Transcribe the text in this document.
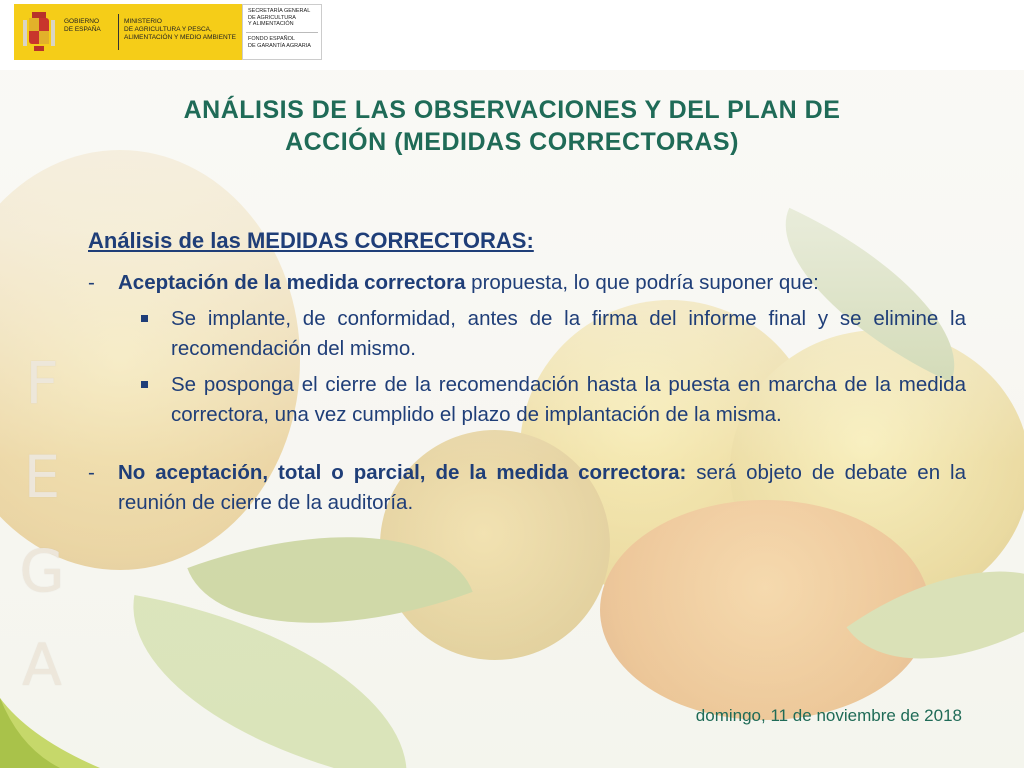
GOBIERNO
DE ESPAÑA
MINISTERIO
DE AGRICULTURA Y PESCA,
ALIMENTACIÓN Y MEDIO AMBIENTE
SECRETARÍA GENERAL
DE AGRICULTURA
Y ALIMENTACIÓN
FONDO ESPAÑOL
DE GARANTÍA AGRARIA
ANÁLISIS DE LAS OBSERVACIONES Y DEL PLAN DE
ACCIÓN (MEDIDAS CORRECTORAS)
F
E
G
A
Análisis de las MEDIDAS CORRECTORAS:

- Aceptación de la medida correctora propuesta, lo que podría suponer que:

Se implante, de conformidad, antes de la firma del informe final y se elimine la recomendación del mismo.
Se posponga el cierre de la recomendación hasta la puesta en marcha de la medida correctora, una vez cumplido el plazo de implantación de la misma.

- No aceptación, total o parcial, de la medida correctora: será objeto de debate en la reunión de cierre de la auditoría.

domingo, 11 de noviembre de 2018
